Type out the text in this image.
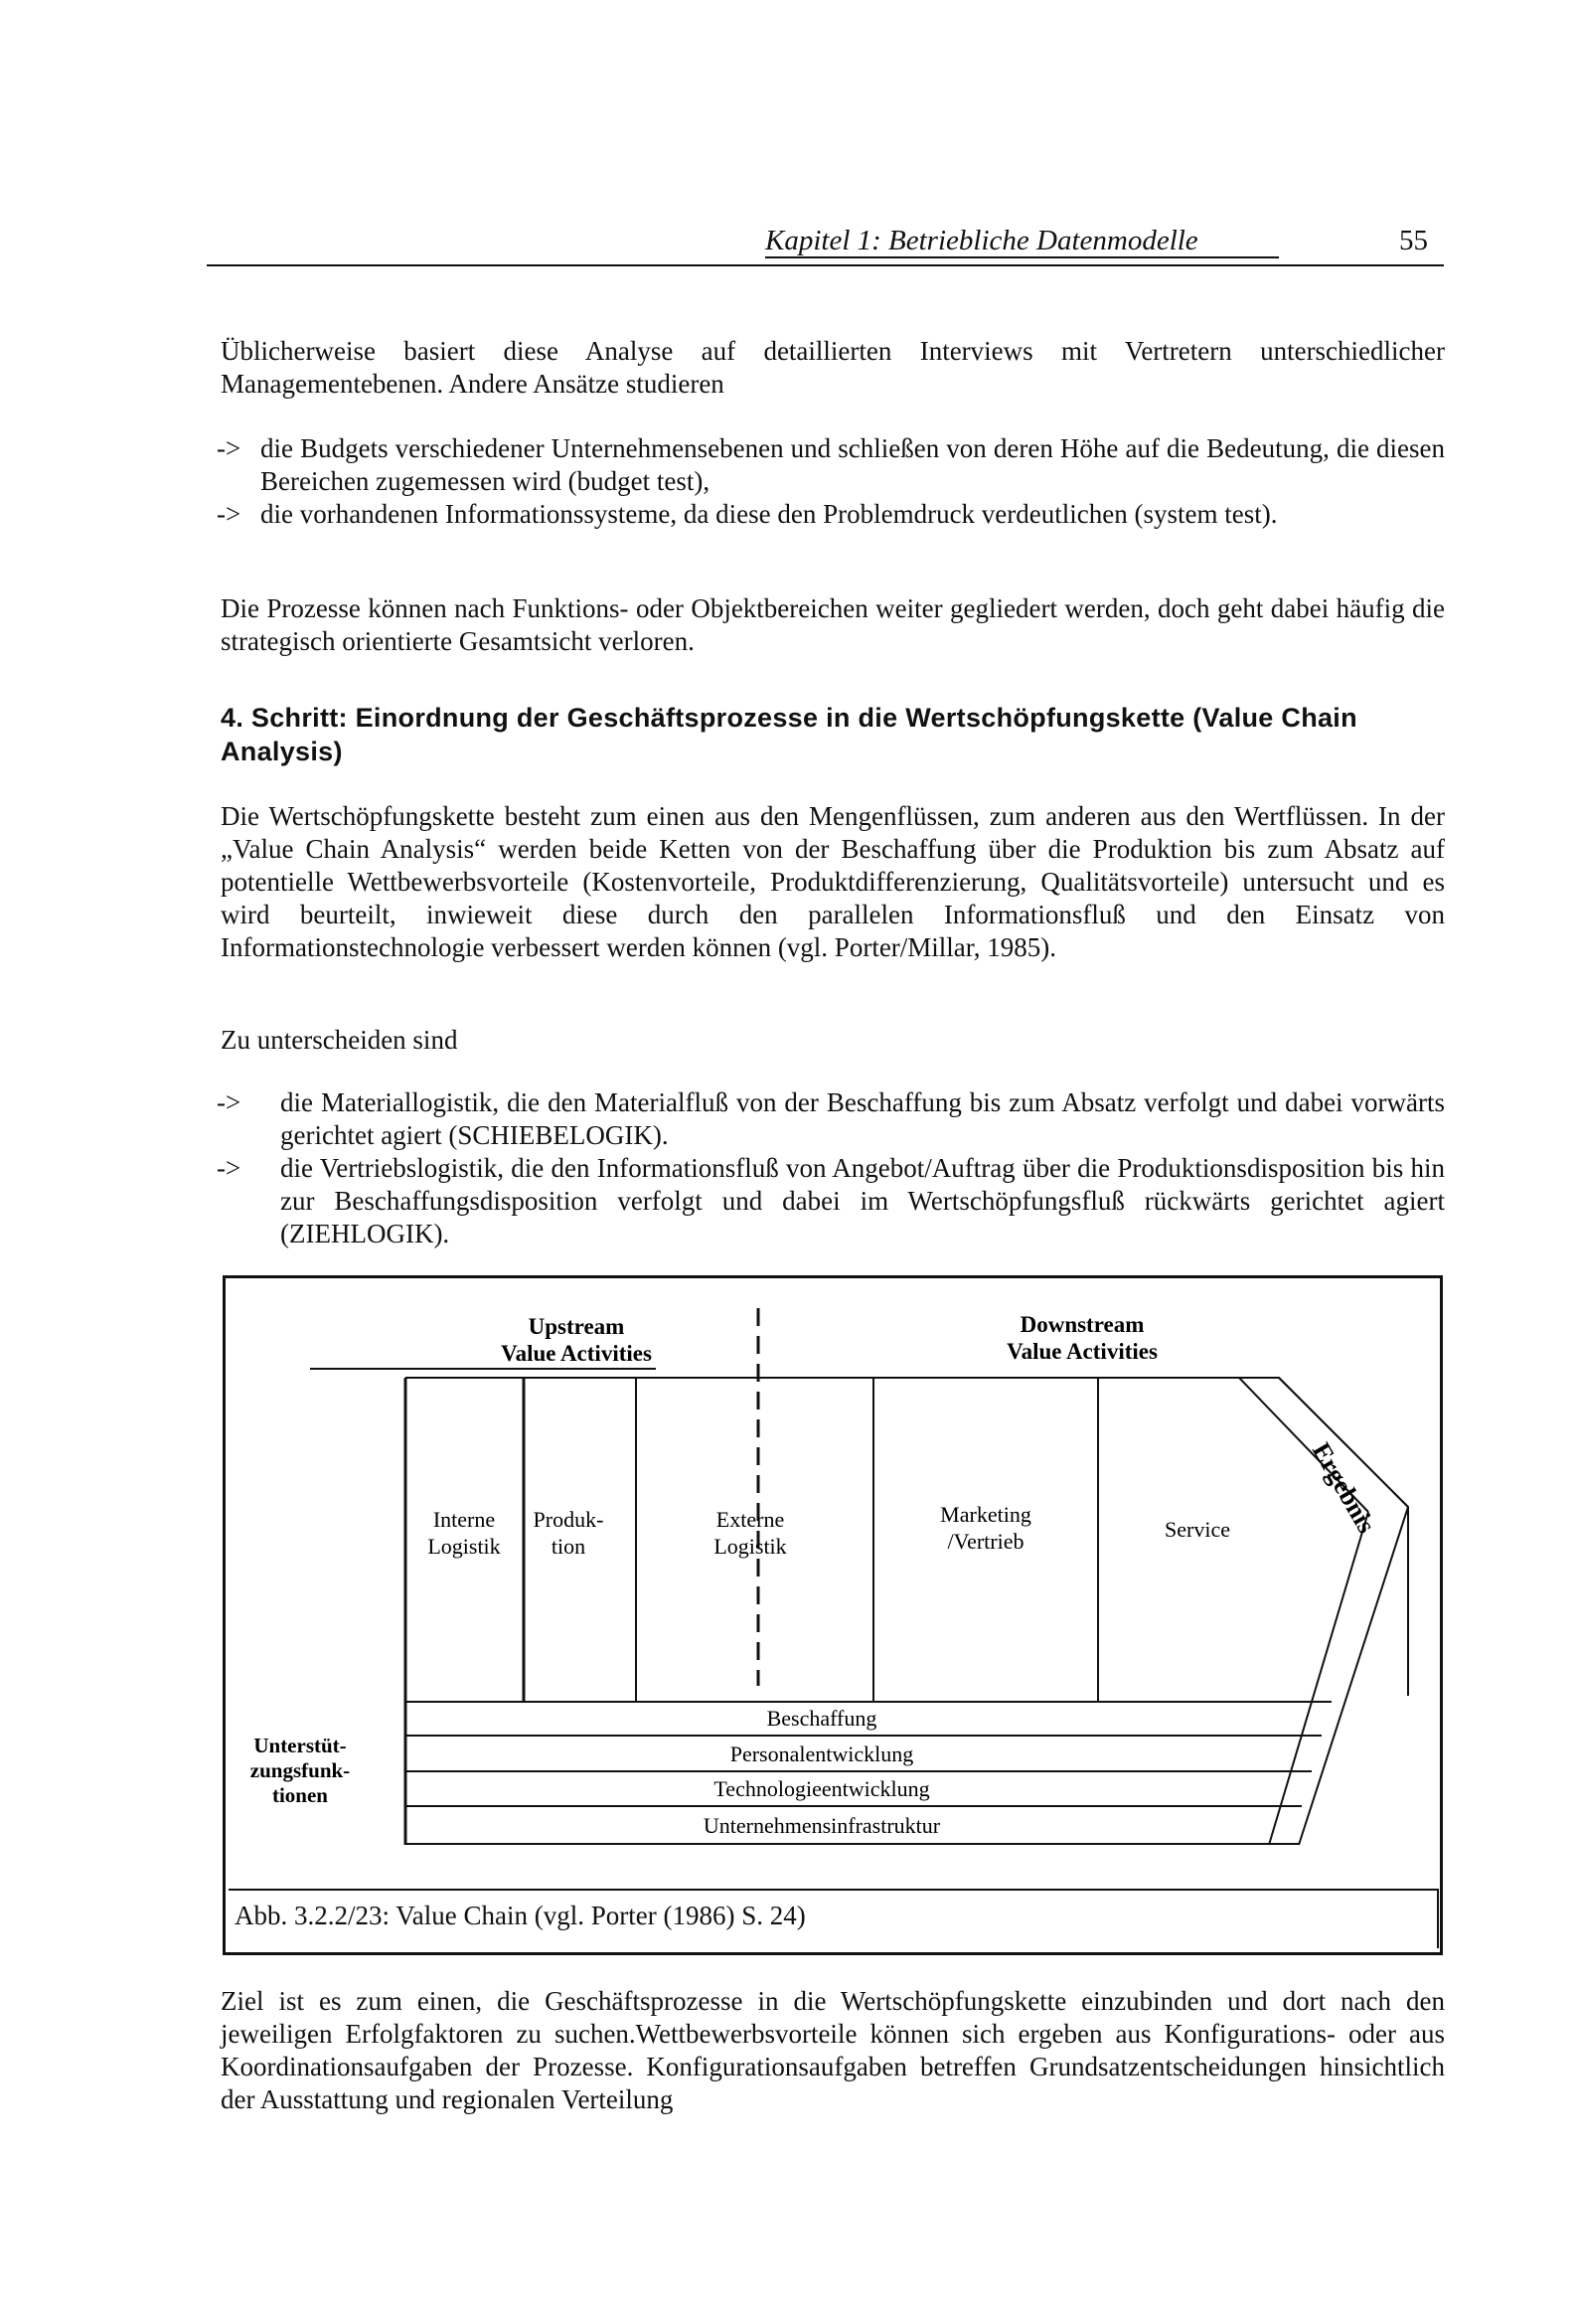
Kapitel 1: Betriebliche Datenmodelle	55
Üblicherweise basiert diese Analyse auf detaillierten Interviews mit Vertretern unterschiedlicher Managementebenen. Andere Ansätze studieren
-> die Budgets verschiedener Unternehmensebenen und schließen von deren Höhe auf die Bedeutung, die diesen Bereichen zugemessen wird (budget test),
-> die vorhandenen Informationssysteme, da diese den Problemdruck verdeutlichen (system test).
Die Prozesse können nach Funktions- oder Objektbereichen weiter gegliedert werden, doch geht dabei häufig die strategisch orientierte Gesamtsicht verloren.
4. Schritt: Einordnung der Geschäftsprozesse in die Wertschöpfungskette (Value Chain Analysis)
Die Wertschöpfungskette besteht zum einen aus den Mengenflüssen, zum anderen aus den Wertflüssen. In der „Value Chain Analysis“ werden beide Ketten von der Beschaffung über die Produktion bis zum Absatz auf potentielle Wettbewerbsvorteile (Kostenvorteile, Produktdifferenzierung, Qualitätsvorteile) untersucht und es wird beurteilt, inwieweit diese durch den parallelen Informationsfluß und den Einsatz von Informationstechnologie verbessert werden können (vgl. Porter/Millar, 1985).
Zu unterscheiden sind
-> die Materiallogistik, die den Materialfluß von der Beschaffung bis zum Absatz verfolgt und dabei vorwärts gerichtet agiert (SCHIEBELOGIK).
-> die Vertriebslogistik, die den Informationsfluß von Angebot/Auftrag über die Produktionsdisposition bis hin zur Beschaffungsdisposition verfolgt und dabei im Wertschöpfungsfluß rückwärts gerichtet agiert (ZIEHLOGIK).
Upstream
Value Activities
Downstream
Value Activities
Interne
Logistik
Produk-
tion
Externe
Logistik
Marketing
/Vertrieb	Service	Ergebnis
Beschaffung
Personalentwicklung
Technologieentwicklung
Unternehmensinfrastruktur
Unterstüt-
zungsfunk-
tionen
Abb. 3.2.2/23: Value Chain (vgl. Porter (1986) S. 24)
Ziel ist es zum einen, die Geschäftsprozesse in die Wertschöpfungskette einzubinden und dort nach den jeweiligen Erfolgfaktoren zu suchen.Wettbewerbsvorteile können sich ergeben aus Konfigurations- oder aus Koordinationsaufgaben der Prozesse. Konfigurationsaufgaben betreffen Grundsatzentscheidungen hinsichtlich der Ausstattung und regionalen Verteilung
